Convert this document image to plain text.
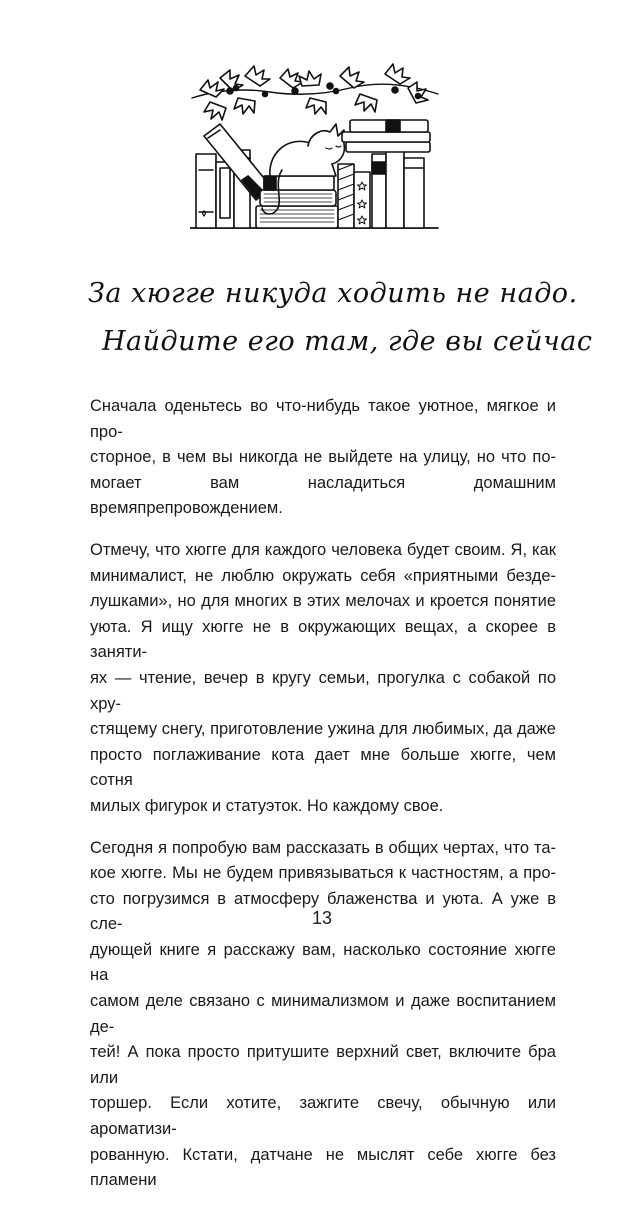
За хюгге никуда ходить не надо.
Найдите его там, где вы сейчас

Сначала оденьтесь во что-нибудь такое уютное, мягкое и про-
сторное, в чем вы никогда не выйдете на улицу, но что по-
могает вам насладиться домашним времяпрепровождением.

Отмечу, что хюгге для каждого человека будет своим. Я, как
минималист, не люблю окружать себя «приятными безде-
лушками», но для многих в этих мелочах и кроется понятие
уюта. Я ищу хюгге не в окружающих вещах, а скорее в заняти-
ях — чтение, вечер в кругу семьи, прогулка с собакой по хру-
стящему снегу, приготовление ужина для любимых, да даже
просто поглаживание кота дает мне больше хюгге, чем сотня
милых фигурок и статуэток. Но каждому свое.

Сегодня я попробую вам рассказать в общих чертах, что та-
кое хюгге. Мы не будем привязываться к частностям, а про-
сто погрузимся в атмосферу блаженства и уюта. А уже в сле-
дующей книге я расскажу вам, насколько состояние хюгге на
самом деле связано с минимализмом и даже воспитанием де-
тей! А пока просто притушите верхний свет, включите бра или
торшер. Если хотите, зажгите свечу, обычную или ароматизи-
рованную. Кстати, датчане не мыслят себе хюгге без пламени

13
